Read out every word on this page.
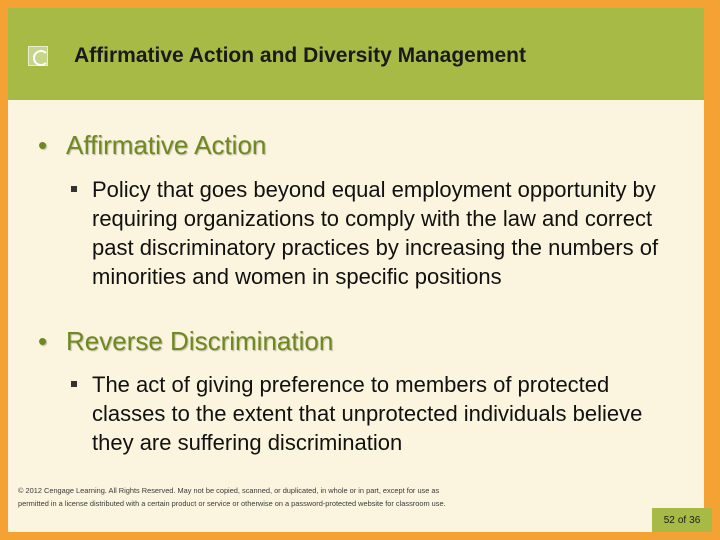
Affirmative Action and Diversity Management
• Affirmative Action
Policy that goes beyond equal employment opportunity by requiring organizations to comply with the law and correct past discriminatory practices by increasing the numbers of minorities and women in specific positions
• Reverse Discrimination
The act of giving preference to members of protected classes to the extent that unprotected individuals believe they are suffering discrimination
© 2012 Cengage Learning. All Rights Reserved. May not be copied, scanned, or duplicated, in whole or in part, except for use as
permitted in a license distributed with a certain product or service or otherwise on a password-protected website for classroom use.
52 of 36
